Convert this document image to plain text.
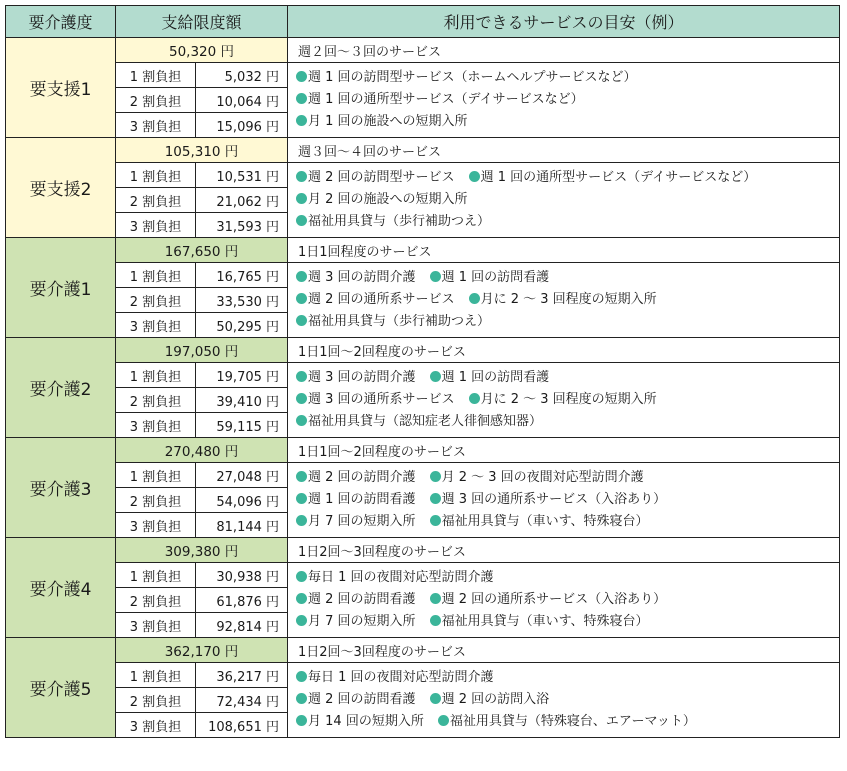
要介護度	支給限度額		利用できるサービスの目安（例）
要支援1	50,320 円		週２回～３回のサービス
	1 割負担	5,032 円	週 1 回の訪問型サービス（ホームヘルプサービスなど）
週 1 回の通所型サービス（デイサービスなど）
月 1 回の施設への短期入所

	2 割負担	10,064 円	
	3 割負担	15,096 円	
要支援2	105,310 円		週３回～４回のサービス
	1 割負担	10,531 円	週 2 回の訪問型サービス 週 1 回の通所型サービス（デイサービスなど）
月 2 回の施設への短期入所
福祉用具貸与（歩行補助つえ）

	2 割負担	21,062 円	
	3 割負担	31,593 円	
要介護1	167,650 円		1日1回程度のサービス
	1 割負担	16,765 円	週 3 回の訪問介護 週 1 回の訪問看護
週 2 回の通所系サービス 月に 2 ～ 3 回程度の短期入所
福祉用具貸与（歩行補助つえ）

	2 割負担	33,530 円	
	3 割負担	50,295 円	
要介護2	197,050 円		1日1回～2回程度のサービス
	1 割負担	19,705 円	週 3 回の訪問介護 週 1 回の訪問看護
週 3 回の通所系サービス 月に 2 ～ 3 回程度の短期入所
福祉用具貸与（認知症老人徘徊感知器）

	2 割負担	39,410 円	
	3 割負担	59,115 円	
要介護3	270,480 円		1日1回～2回程度のサービス
	1 割負担	27,048 円	週 2 回の訪問介護 月 2 ～ 3 回の夜間対応型訪問介護
週 1 回の訪問看護 週 3 回の通所系サービス（入浴あり）
月 7 回の短期入所 福祉用具貸与（車いす、特殊寝台）

	2 割負担	54,096 円	
	3 割負担	81,144 円	
要介護4	309,380 円		1日2回～3回程度のサービス
	1 割負担	30,938 円	毎日 1 回の夜間対応型訪問介護
週 2 回の訪問看護 週 2 回の通所系サービス（入浴あり）
月 7 回の短期入所 福祉用具貸与（車いす、特殊寝台）

	2 割負担	61,876 円	
	3 割負担	92,814 円	
要介護5	362,170 円		1日2回～3回程度のサービス
	1 割負担	36,217 円	毎日 1 回の夜間対応型訪問介護
週 2 回の訪問看護 週 2 回の訪問入浴
月 14 回の短期入所 福祉用具貸与（特殊寝台、エアーマット）

	2 割負担	72,434 円	
	3 割負担	108,651 円	
